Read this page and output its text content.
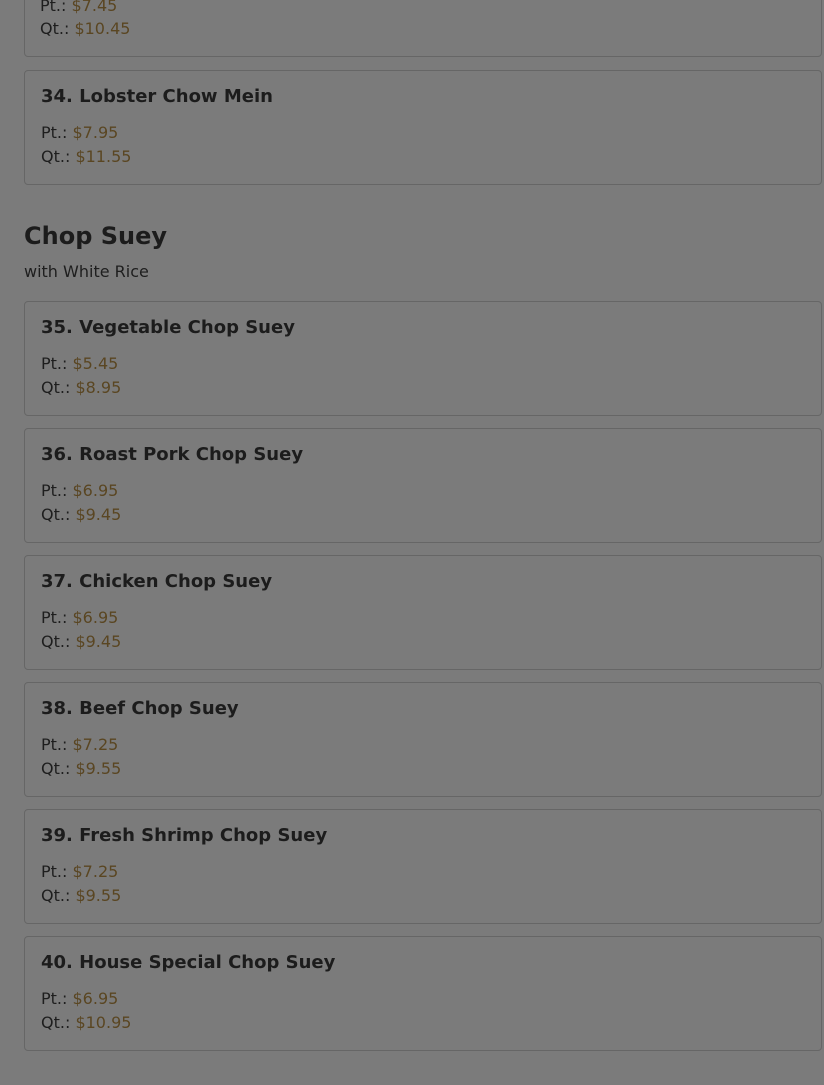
Pt.: $7.45
Qt.: $10.45
34. Lobster Chow Mein
Pt.: $7.95
Qt.: $11.55
Chop Suey
with White Rice
35. Vegetable Chop Suey
Pt.: $5.45
Qt.: $8.95
36. Roast Pork Chop Suey
Pt.: $6.95
Qt.: $9.45
37. Chicken Chop Suey
Pt.: $6.95
Qt.: $9.45
38. Beef Chop Suey
Pt.: $7.25
Qt.: $9.55
39. Fresh Shrimp Chop Suey
Pt.: $7.25
Qt.: $9.55
40. House Special Chop Suey
Pt.: $6.95
Qt.: $10.95
